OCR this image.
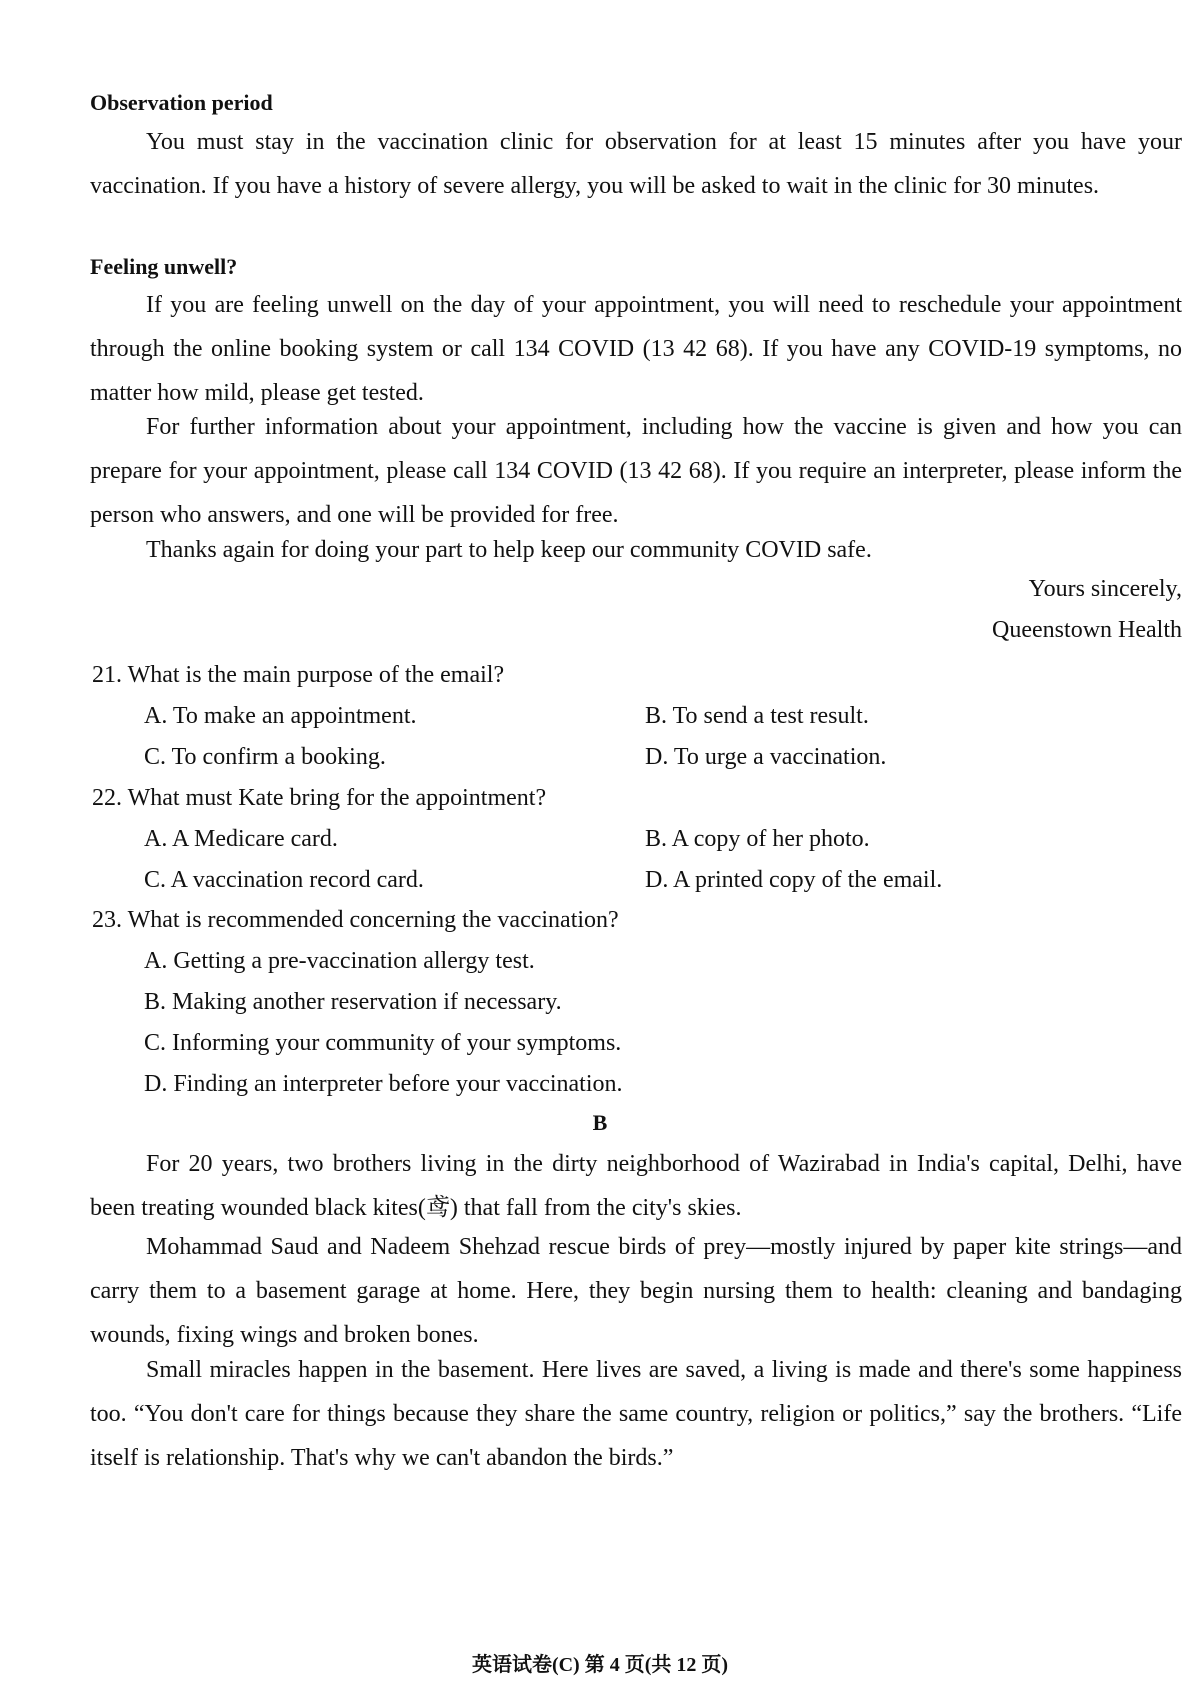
Observation period

You must stay in the vaccination clinic for observation for at least 15 minutes after you have your vaccination. If you have a history of severe allergy, you will be asked to wait in the clinic for 30 minutes.

Feeling unwell?

If you are feeling unwell on the day of your appointment, you will need to reschedule your appointment through the online booking system or call 134 COVID (13 42 68). If you have any COVID-19 symptoms, no matter how mild, please get tested.

For further information about your appointment, including how the vaccine is given and how you can prepare for your appointment, please call 134 COVID (13 42 68). If you require an interpreter, please inform the person who answers, and one will be provided for free.

Thanks again for doing your part to help keep our community COVID safe.

Yours sincerely,

Queenstown Health

21. What is the main purpose of the email?

A. To make an appointment.	B. To send a test result.

C. To confirm a booking.	D. To urge a vaccination.

22. What must Kate bring for the appointment?

A. A Medicare card.	B. A copy of her photo.

C. A vaccination record card.	D. A printed copy of the email.

23. What is recommended concerning the vaccination?

A. Getting a pre-vaccination allergy test.

B. Making another reservation if necessary.

C. Informing your community of your symptoms.

D. Finding an interpreter before your vaccination.

B

For 20 years, two brothers living in the dirty neighborhood of Wazirabad in India's capital, Delhi, have been treating wounded black kites(鸢) that fall from the city's skies.

Mohammad Saud and Nadeem Shehzad rescue birds of prey—mostly injured by paper kite strings—and carry them to a basement garage at home. Here, they begin nursing them to health: cleaning and bandaging wounds, fixing wings and broken bones.

Small miracles happen in the basement. Here lives are saved, a living is made and there's some happiness too. “You don't care for things because they share the same country, religion or politics,” say the brothers. “Life itself is relationship. That's why we can't abandon the birds.”

英语试卷(C) 第 4 页(共 12 页)
